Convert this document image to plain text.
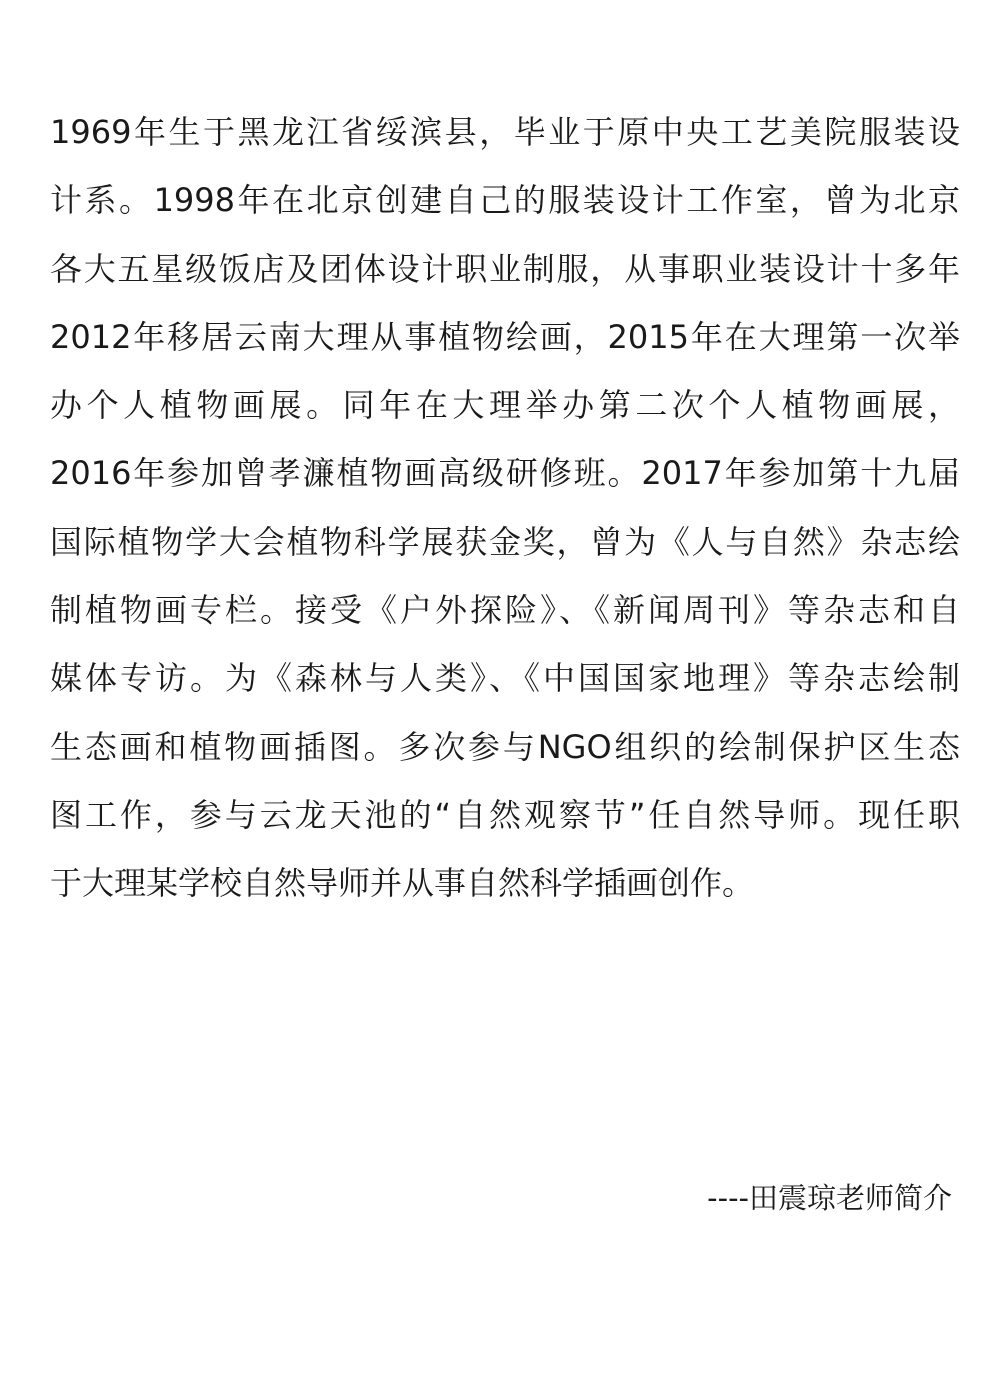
1969年生于黑龙江省绥滨县，毕业于原中央工艺美院服装设
计系。1998年在北京创建自己的服装设计工作室，曾为北京
各大五星级饭店及团体设计职业制服，从事职业装设计十多年
2012年移居云南大理从事植物绘画，2015年在大理第一次举
办个人植物画展。同年在大理举办第二次个人植物画展，
2016年参加曾孝濂植物画高级研修班。2017年参加第十九届
国际植物学大会植物科学展获金奖，曾为《人与自然》杂志绘
制植物画专栏。接受《户外探险》、《新闻周刊》等杂志和自
媒体专访。为《森林与人类》、《中国国家地理》等杂志绘制
生态画和植物画插图。多次参与NGO组织的绘制保护区生态
图工作，参与云龙天池的“自然观察节”任自然导师。现任职
于大理某学校自然导师并从事自然科学插画创作。
----田震琼老师简介
